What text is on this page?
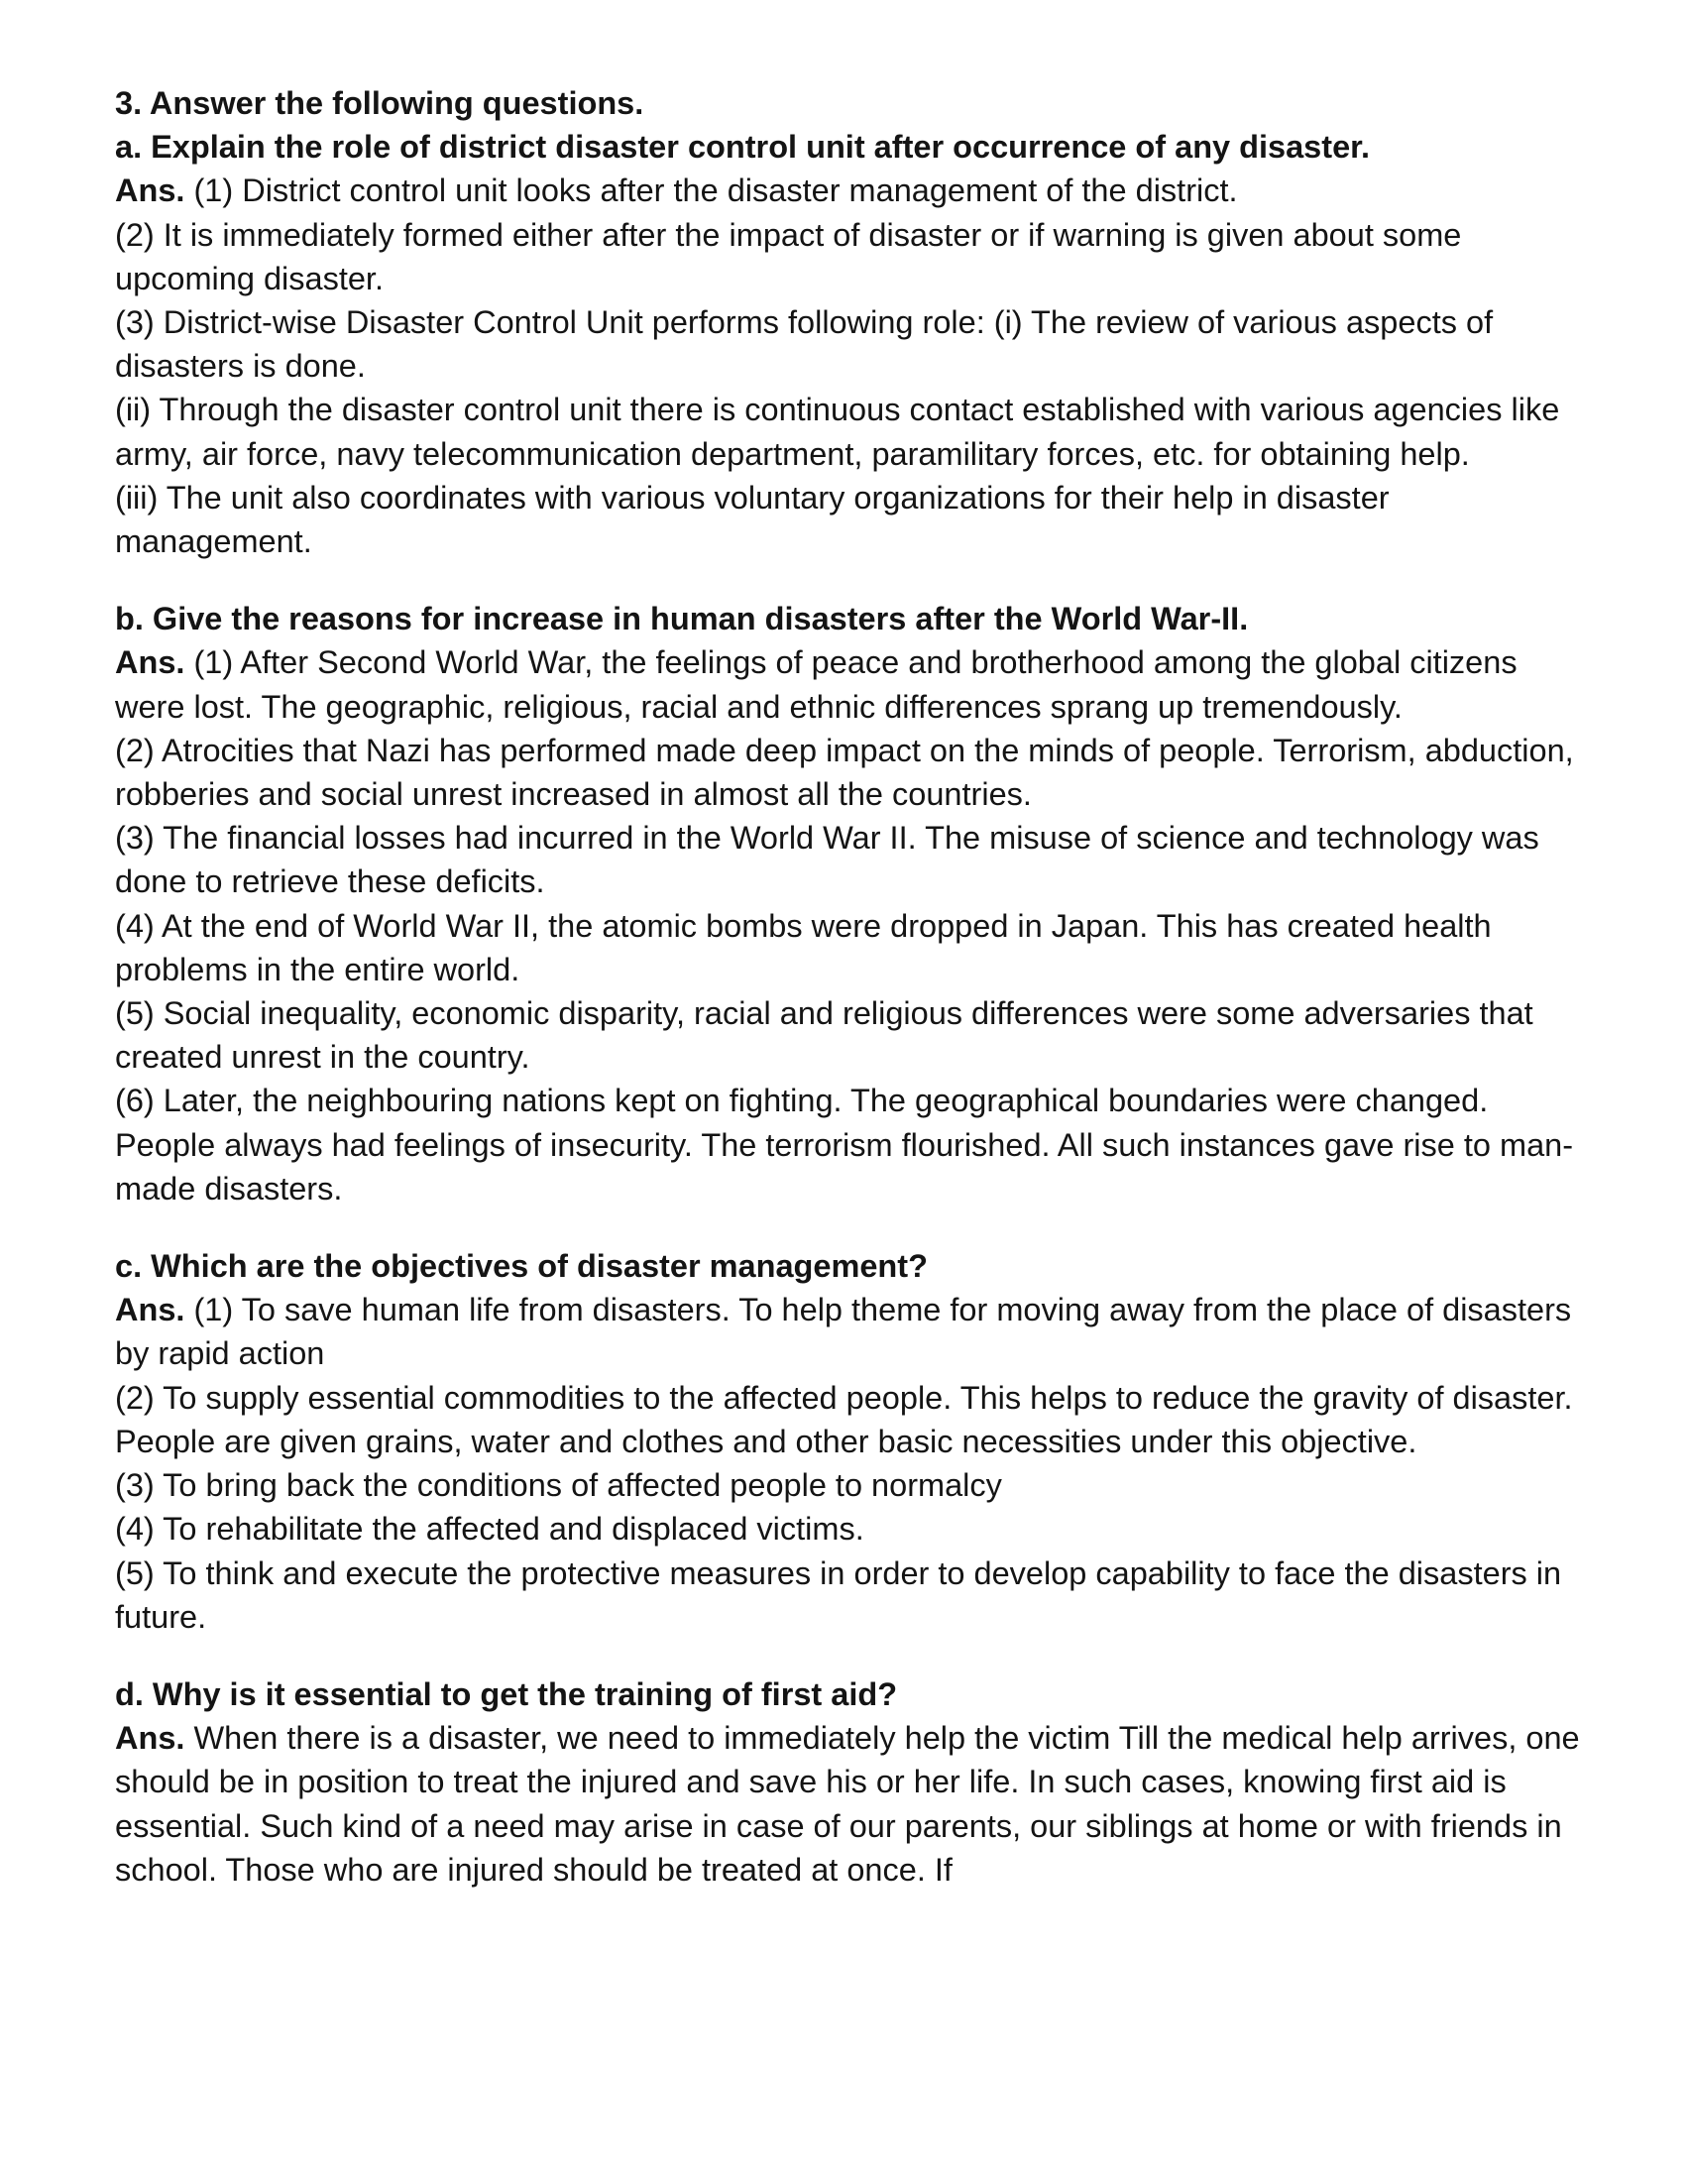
3. Answer the following questions.

a. Explain the role of district disaster control unit after occurrence of any disaster.

Ans. (1) District control unit looks after the disaster management of the district.

(2) It is immediately formed either after the impact of disaster or if warning is given about some upcoming disaster.

(3) District-wise Disaster Control Unit performs following role: (i) The review of various aspects of disasters is done.

(ii) Through the disaster control unit there is continuous contact established with various agencies like army, air force, navy telecommunication department, paramilitary forces, etc. for obtaining help.

(iii) The unit also coordinates with various voluntary organizations for their help in disaster management.

b. Give the reasons for increase in human disasters after the World War-II.

Ans. (1) After Second World War, the feelings of peace and brotherhood among the global citizens were lost. The geographic, religious, racial and ethnic differences sprang up tremendously.

(2) Atrocities that Nazi has performed made deep impact on the minds of people. Terrorism, abduction, robberies and social unrest increased in almost all the countries.

(3) The financial losses had incurred in the World War II. The misuse of science and technology was done to retrieve these deficits.

(4) At the end of World War II, the atomic bombs were dropped in Japan. This has created health problems in the entire world.

(5) Social inequality, economic disparity, racial and religious differences were some adversaries that created unrest in the country.

(6) Later, the neighbouring nations kept on fighting. The geographical boundaries were changed. People always had feelings of insecurity. The terrorism flourished. All such instances gave rise to man-made disasters.

c. Which are the objectives of disaster management?

Ans. (1) To save human life from disasters. To help theme for moving away from the place of disasters by rapid action

(2) To supply essential commodities to the affected people. This helps to reduce the gravity of disaster. People are given grains, water and clothes and other basic necessities under this objective.

(3) To bring back the conditions of affected people to normalcy

(4) To rehabilitate the affected and displaced victims.

(5) To think and execute the protective measures in order to develop capability to face the disasters in future.

d. Why is it essential to get the training of first aid?

Ans. When there is a disaster, we need to immediately help the victim Till the medical help arrives, one should be in position to treat the injured and save his or her life. In such cases, knowing first aid is essential. Such kind of a need may arise in case of our parents, our siblings at home or with friends in school. Those who are injured should be treated at once. If
